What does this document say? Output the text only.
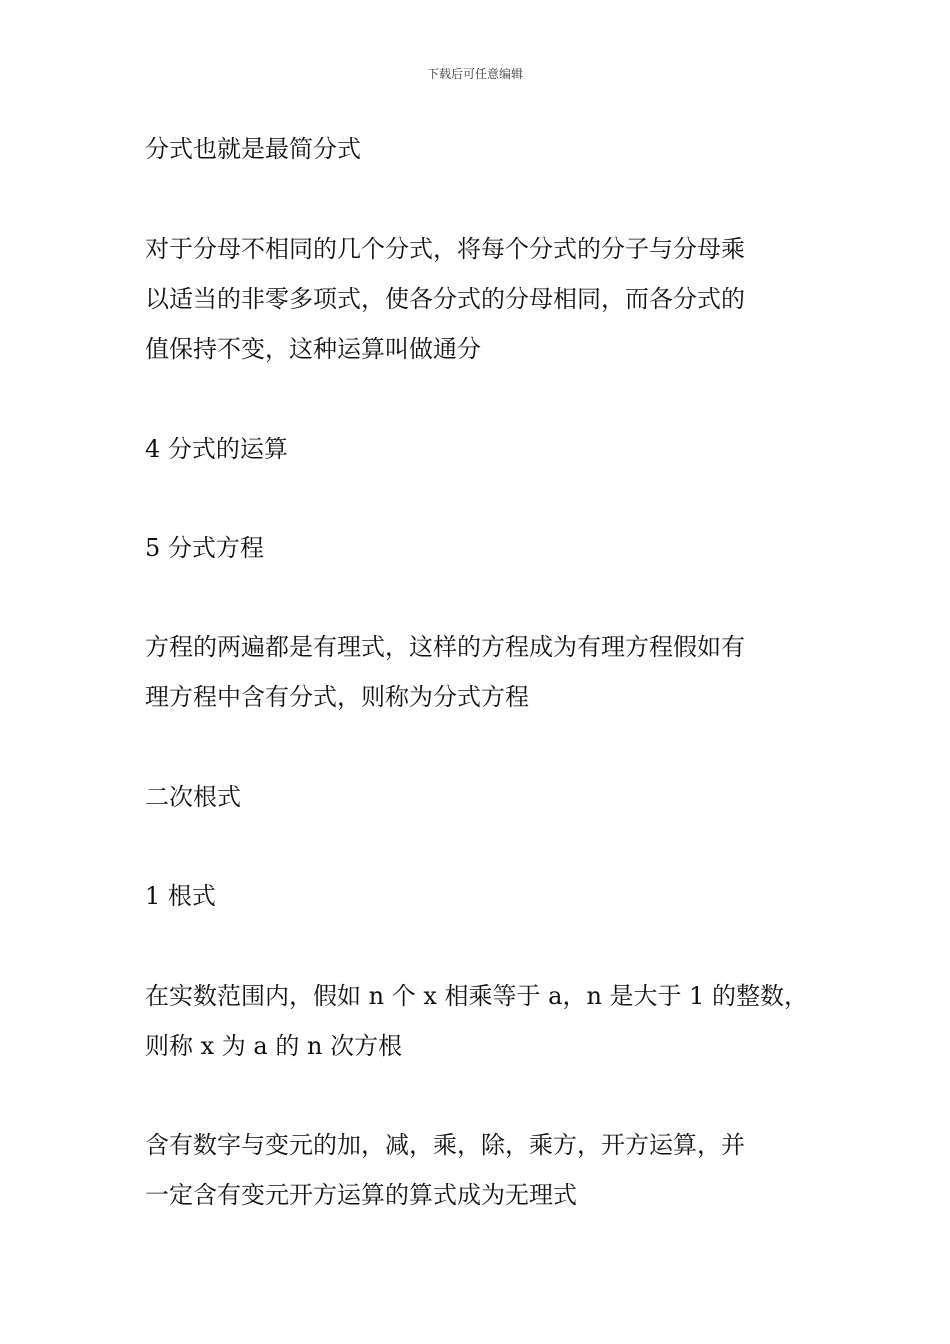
下载后可任意编辑
分式也就是最简分式
对于分母不相同的几个分式，将每个分式的分子与分母乘
以适当的非零多项式，使各分式的分母相同，而各分式的
值保持不变，这种运算叫做通分
4 分式的运算
5 分式方程
方程的两遍都是有理式，这样的方程成为有理方程假如有
理方程中含有分式，则称为分式方程
二次根式
1 根式
在实数范围内，假如 n 个 x 相乘等于 a，n 是大于 1 的整数，
则称 x 为 a 的 n 次方根
含有数字与变元的加，减，乘，除，乘方，开方运算，并
一定含有变元开方运算的算式成为无理式
